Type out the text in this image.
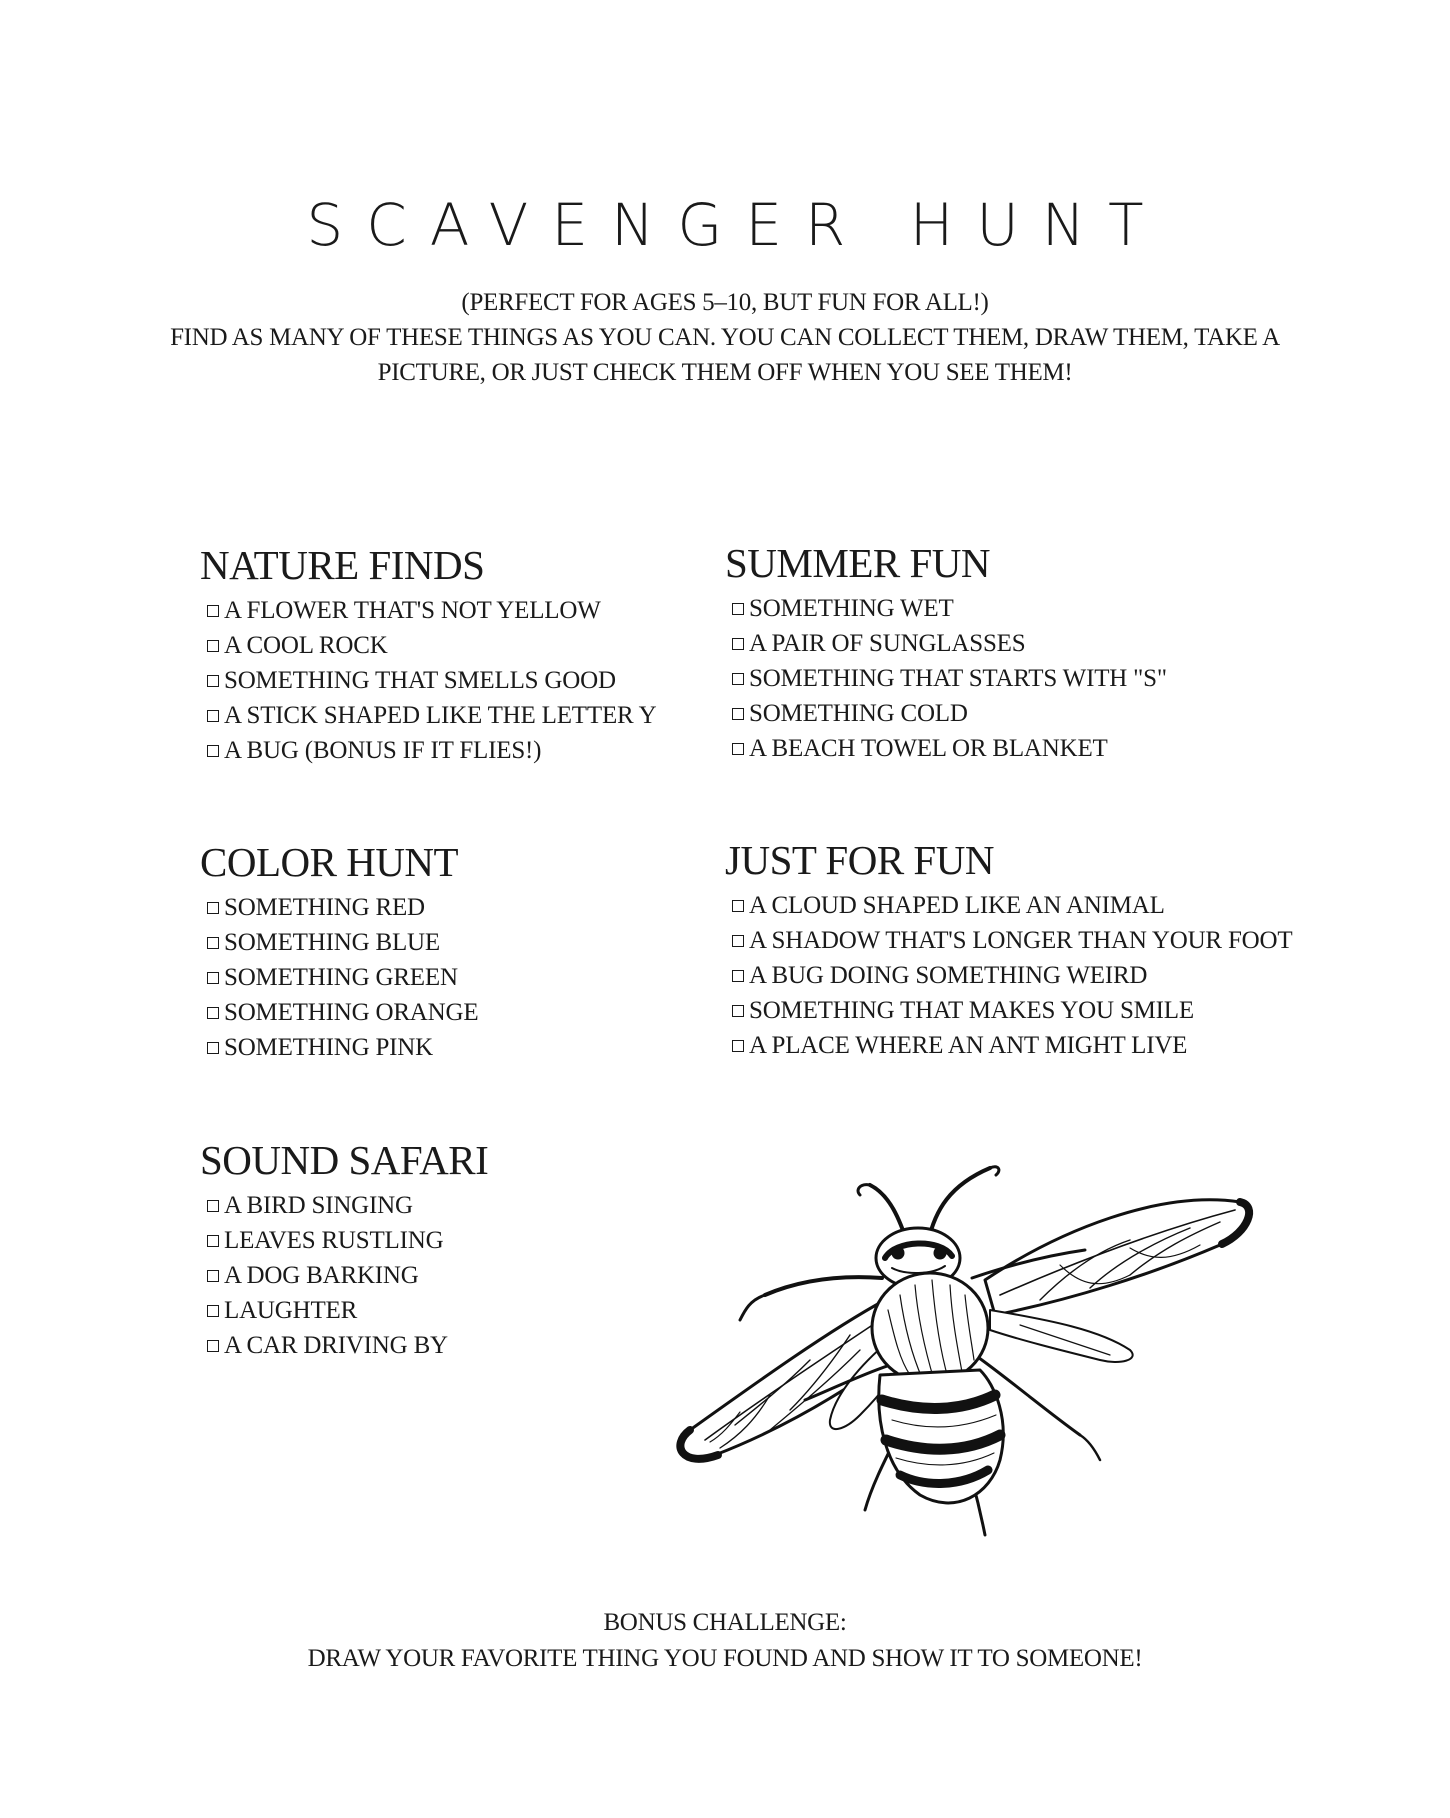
SCAVENGER HUNT

(PERFECT FOR AGES 5–10, BUT FUN FOR ALL!)

FIND AS MANY OF THESE THINGS AS YOU CAN. YOU CAN COLLECT THEM, DRAW THEM, TAKE A PICTURE, OR JUST CHECK THEM OFF WHEN YOU SEE THEM!

NATURE FINDS
A FLOWER THAT'S NOT YELLOW
A COOL ROCK
SOMETHING THAT SMELLS GOOD
A STICK SHAPED LIKE THE LETTER Y
A BUG (BONUS IF IT FLIES!)
SUMMER FUN
SOMETHING WET
A PAIR OF SUNGLASSES
SOMETHING THAT STARTS WITH "S"
SOMETHING COLD
A BEACH TOWEL OR BLANKET
COLOR HUNT
SOMETHING RED
SOMETHING BLUE
SOMETHING GREEN
SOMETHING ORANGE
SOMETHING PINK
JUST FOR FUN
A CLOUD SHAPED LIKE AN ANIMAL
A SHADOW THAT'S LONGER THAN YOUR FOOT
A BUG DOING SOMETHING WEIRD
SOMETHING THAT MAKES YOU SMILE
A PLACE WHERE AN ANT MIGHT LIVE
SOUND SAFARI
A BIRD SINGING
LEAVES RUSTLING
A DOG BARKING
LAUGHTER
A CAR DRIVING BY

BONUS CHALLENGE:

DRAW YOUR FAVORITE THING YOU FOUND AND SHOW IT TO SOMEONE!
